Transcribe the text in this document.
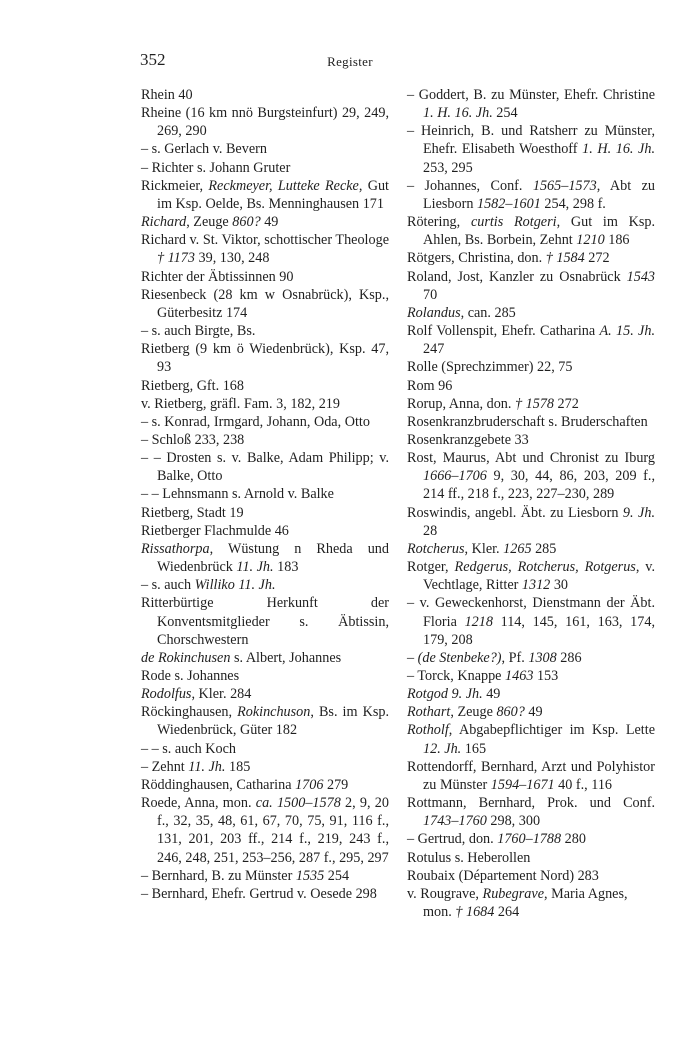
352	Register
Rhein 40
Rheine (16 km nnö Burgsteinfurt) 29, 249, 269, 290
– s. Gerlach v. Bevern
– Richter s. Johann Gruter
Rickmeier, Reckmeyer, Lutteke Recke, Gut im Ksp. Oelde, Bs. Menninghausen 171
Richard, Zeuge 860? 49
Richard v. St. Viktor, schottischer Theologe † 1173 39, 130, 248
Richter der Äbtissinnen 90
Riesenbeck (28 km w Osnabrück), Ksp., Güterbesitz 174
– s. auch Birgte, Bs.
Rietberg (9 km ö Wiedenbrück), Ksp. 47, 93
Rietberg, Gft. 168
v. Rietberg, gräfl. Fam. 3, 182, 219
– s. Konrad, Irmgard, Johann, Oda, Otto
– Schloß 233, 238
– – Drosten s. v. Balke, Adam Philipp; v. Balke, Otto
– – Lehnsmann s. Arnold v. Balke
Rietberg, Stadt 19
Rietberger Flachmulde 46
Rissathorpa, Wüstung n Rheda und Wiedenbrück 11. Jh. 183
– s. auch Williko 11. Jh.
Ritterbürtige Herkunft der Konventsmitglieder s. Äbtissin, Chorschwestern
de Rokinchusen s. Albert, Johannes
Rode s. Johannes
Rodolfus, Kler. 284
Röckinghausen, Rokinchuson, Bs. im Ksp. Wiedenbrück, Güter 182
– – s. auch Koch
– Zehnt 11. Jh. 185
Röddinghausen, Catharina 1706 279
Roede, Anna, mon. ca. 1500–1578 2, 9, 20 f., 32, 35, 48, 61, 67, 70, 75, 91, 116 f., 131, 201, 203 ff., 214 f., 219, 243 f., 246, 248, 251, 253–256, 287 f., 295, 297
– Bernhard, B. zu Münster 1535 254
– Bernhard, Ehefr. Gertrud v. Oesede 298
– Goddert, B. zu Münster, Ehefr. Christine 1. H. 16. Jh. 254
– Heinrich, B. und Ratsherr zu Münster, Ehefr. Elisabeth Woesthoff 1. H. 16. Jh. 253, 295
– Johannes, Conf. 1565–1573, Abt zu Liesborn 1582–1601 254, 298 f.
Rötering, curtis Rotgeri, Gut im Ksp. Ahlen, Bs. Borbein, Zehnt 1210 186
Rötgers, Christina, don. † 1584 272
Roland, Jost, Kanzler zu Osnabrück 1543 70
Rolandus, can. 285
Rolf Vollenspit, Ehefr. Catharina A. 15. Jh. 247
Rolle (Sprechzimmer) 22, 75
Rom 96
Rorup, Anna, don. † 1578 272
Rosenkranzbruderschaft s. Bruderschaften
Rosenkranzgebete 33
Rost, Maurus, Abt und Chronist zu Iburg 1666–1706 9, 30, 44, 86, 203, 209 f., 214 ff., 218 f., 223, 227–230, 289
Roswindis, angebl. Äbt. zu Liesborn 9. Jh. 28
Rotcherus, Kler. 1265 285
Rotger, Redgerus, Rotcherus, Rotgerus, v. Vechtlage, Ritter 1312 30
– v. Geweckenhorst, Dienstmann der Äbt. Floria 1218 114, 145, 161, 163, 174, 179, 208
– (de Stenbeke?), Pf. 1308 286
– Torck, Knappe 1463 153
Rotgod 9. Jh. 49
Rothart, Zeuge 860? 49
Rotholf, Abgabepflichtiger im Ksp. Lette 12. Jh. 165
Rottendorff, Bernhard, Arzt und Polyhistor zu Münster 1594–1671 40 f., 116
Rottmann, Bernhard, Prok. und Conf. 1743–1760 298, 300
– Gertrud, don. 1760–1788 280
Rotulus s. Heberollen
Roubaix (Département Nord) 283
v. Rougrave, Rubegrave, Maria Agnes, mon. † 1684 264
